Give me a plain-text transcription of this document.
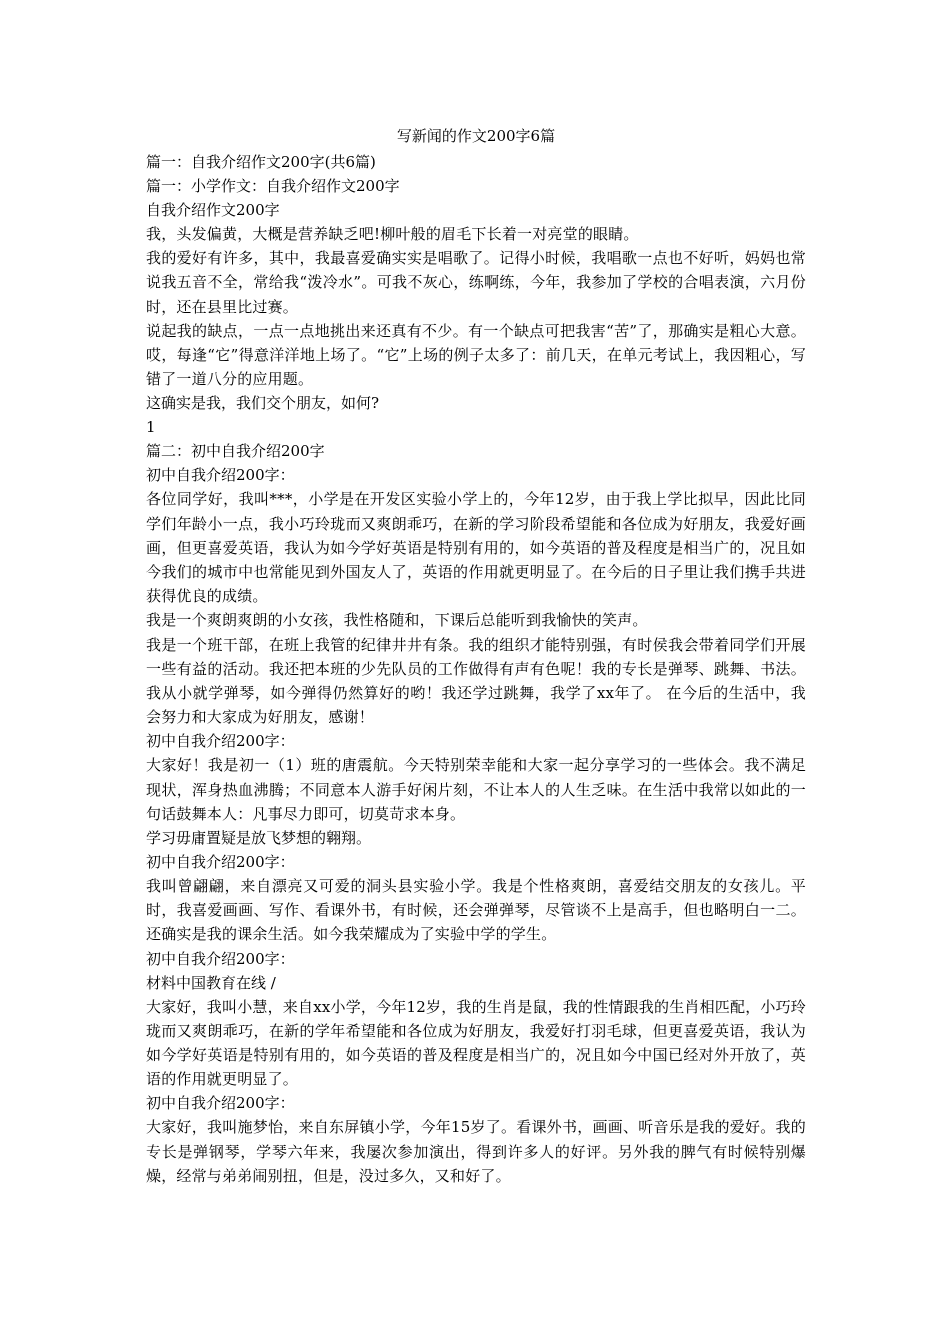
写新闻的作文200字6篇
篇一：自我介绍作文200字(共6篇)
篇一：小学作文：自我介绍作文200字
自我介绍作文200字
我，头发偏黄，大概是营养缺乏吧!柳叶般的眉毛下长着一对亮堂的眼睛。
我的爱好有许多，其中，我最喜爱确实实是唱歌了。记得小时候，我唱歌一点也不好听，妈妈也常说我五音不全，常给我“泼冷水”。可我不灰心，练啊练，今年，我参加了学校的合唱表演，六月份时，还在县里比过赛。
说起我的缺点，一点一点地挑出来还真有不少。有一个缺点可把我害“苦”了，那确实是粗心大意。哎，每逢“它”得意洋洋地上场了。“它”上场的例子太多了：前几天，在单元考试上，我因粗心，写错了一道八分的应用题。
这确实是我，我们交个朋友，如何?
1
篇二：初中自我介绍200字
初中自我介绍200字：
各位同学好，我叫***，小学是在开发区实验小学上的，今年12岁，由于我上学比拟早，因此比同学们年龄小一点，我小巧玲珑而又爽朗乖巧，在新的学习阶段希望能和各位成为好朋友，我爱好画画，但更喜爱英语，我认为如今学好英语是特别有用的，如今英语的普及程度是相当广的，况且如今我们的城市中也常能见到外国友人了，英语的作用就更明显了。在今后的日子里让我们携手共进获得优良的成绩。
我是一个爽朗爽朗的小女孩，我性格随和，下课后总能听到我愉快的笑声。
我是一个班干部，在班上我管的纪律井井有条。我的组织才能特别强，有时侯我会带着同学们开展一些有益的活动。我还把本班的少先队员的工作做得有声有色呢！我的专长是弹琴、跳舞、书法。我从小就学弹琴，如今弹得仍然算好的哟！我还学过跳舞，我学了xx年了。 在今后的生活中，我会努力和大家成为好朋友，感谢！
初中自我介绍200字：
大家好！我是初一（1）班的唐震航。今天特别荣幸能和大家一起分享学习的一些体会。我不满足现状，浑身热血沸腾；不同意本人游手好闲片刻，不让本人的人生乏味。在生活中我常以如此的一句话鼓舞本人：凡事尽力即可，切莫苛求本身。
学习毋庸置疑是放飞梦想的翱翔。
初中自我介绍200字：
我叫曾翩翩，来自漂亮又可爱的洞头县实验小学。我是个性格爽朗，喜爱结交朋友的女孩儿。平时，我喜爱画画、写作、看课外书，有时候，还会弹弹琴，尽管谈不上是高手，但也略明白一二。还确实是我的课余生活。如今我荣耀成为了实验中学的学生。
初中自我介绍200字：
材料中国教育在线 /
大家好，我叫小慧，来自xx小学，今年12岁，我的生肖是鼠，我的性情跟我的生肖相匹配，小巧玲珑而又爽朗乖巧，在新的学年希望能和各位成为好朋友，我爱好打羽毛球，但更喜爱英语，我认为如今学好英语是特别有用的，如今英语的普及程度是相当广的，况且如今中国已经对外开放了，英语的作用就更明显了。
初中自我介绍200字：
大家好，我叫施梦怡，来自东屏镇小学，今年15岁了。看课外书，画画、听音乐是我的爱好。我的专长是弹钢琴，学琴六年来，我屡次参加演出，得到许多人的好评。另外我的脾气有时候特别爆燥，经常与弟弟闹别扭，但是，没过多久，又和好了。
